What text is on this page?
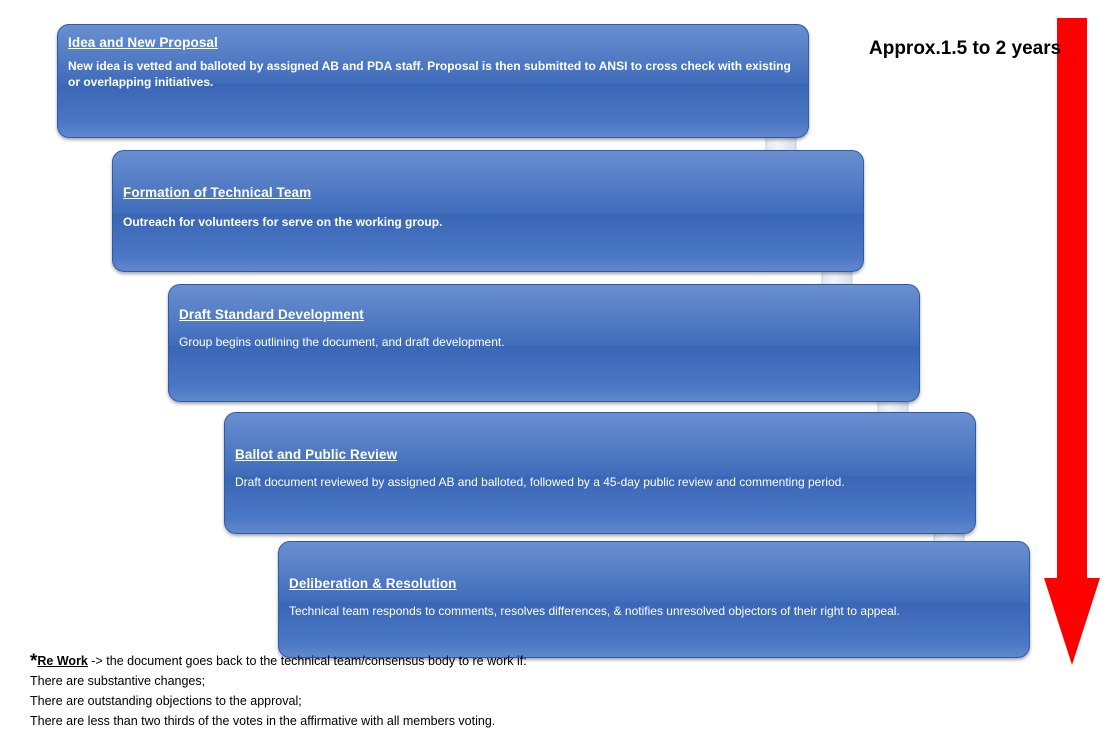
Idea and New Proposal

New idea is vetted and balloted by assigned AB and PDA staff. Proposal is then submitted to ANSI to cross check with existing or overlapping initiatives.

Formation of Technical Team

Outreach for volunteers for serve on the working group.

Draft Standard Development

Group begins outlining the document, and draft development.

Ballot and Public Review

Draft document reviewed by assigned AB and balloted, followed by a 45-day public review and commenting period.

Deliberation & Resolution

Technical team responds to comments, resolves differences, & notifies unresolved objectors of their right to appeal.

Approx.1.5 to 2 years

*Re Work -> the document goes back to the technical team/consensus body to re work if:

There are substantive changes;

There are outstanding objections to the approval;

There are less than two thirds of the votes in the affirmative with all members voting.
